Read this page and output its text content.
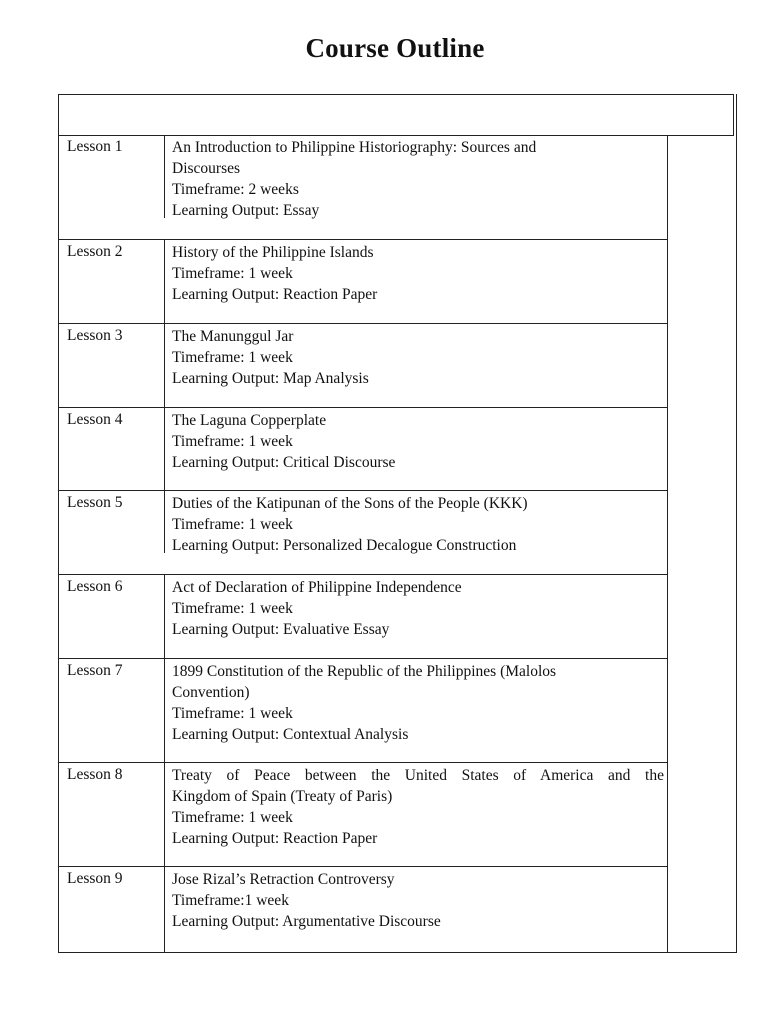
Course Outline
Lesson 1	An Introduction to Philippine Historiography: Sources and
Discourses
Timeframe: 2 weeks
Learning Output: Essay
Lesson 2	History of the Philippine Islands
Timeframe: 1 week
Learning Output: Reaction Paper
Lesson 3	The Manunggul Jar
Timeframe: 1 week
Learning Output: Map Analysis
Lesson 4	The Laguna Copperplate
Timeframe: 1 week
Learning Output: Critical Discourse
Lesson 5	Duties of the Katipunan of the Sons of the People (KKK)
Timeframe: 1 week
Learning Output: Personalized Decalogue Construction
Lesson 6	Act of Declaration of Philippine Independence
Timeframe: 1 week
Learning Output: Evaluative Essay
Lesson 7	1899 Constitution of the Republic of the Philippines (Malolos
Convention)
Timeframe: 1 week
Learning Output: Contextual Analysis
Lesson 8	Treaty of Peace between the United States of America and the
Kingdom of Spain (Treaty of Paris)
Timeframe: 1 week
Learning Output: Reaction Paper
Lesson 9	Jose Rizal’s Retraction Controversy
Timeframe:1 week
Learning Output: Argumentative Discourse
